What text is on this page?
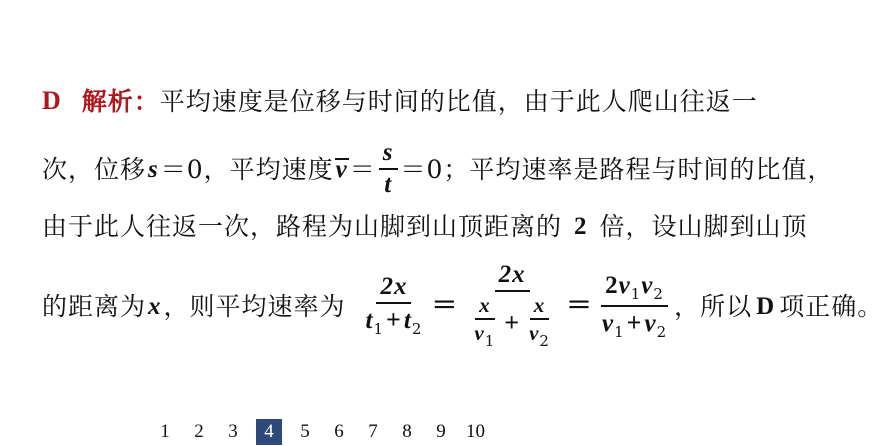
D 解析： 平均速度是位移与时间的比值，由于此人爬山往返一
次，位移 s ＝0，平均速度 $v = \frac{s}{t} =0$；平均速率是路程与时间的比值，
由于此人往返一次，路程为山脚到山顶距离的 2 倍，设山脚到山顶
的距离为 x ，则平均速率为 $\frac{2x}{t_1+t_2} = \frac{2x}{\frac{x}{v_1} + \frac{x}{v_2}} = \frac{2v_1v_2}{v_1+v_2}$ ，所以 D 项正确。
1 2 3	4	5 6 7 8 9 10
